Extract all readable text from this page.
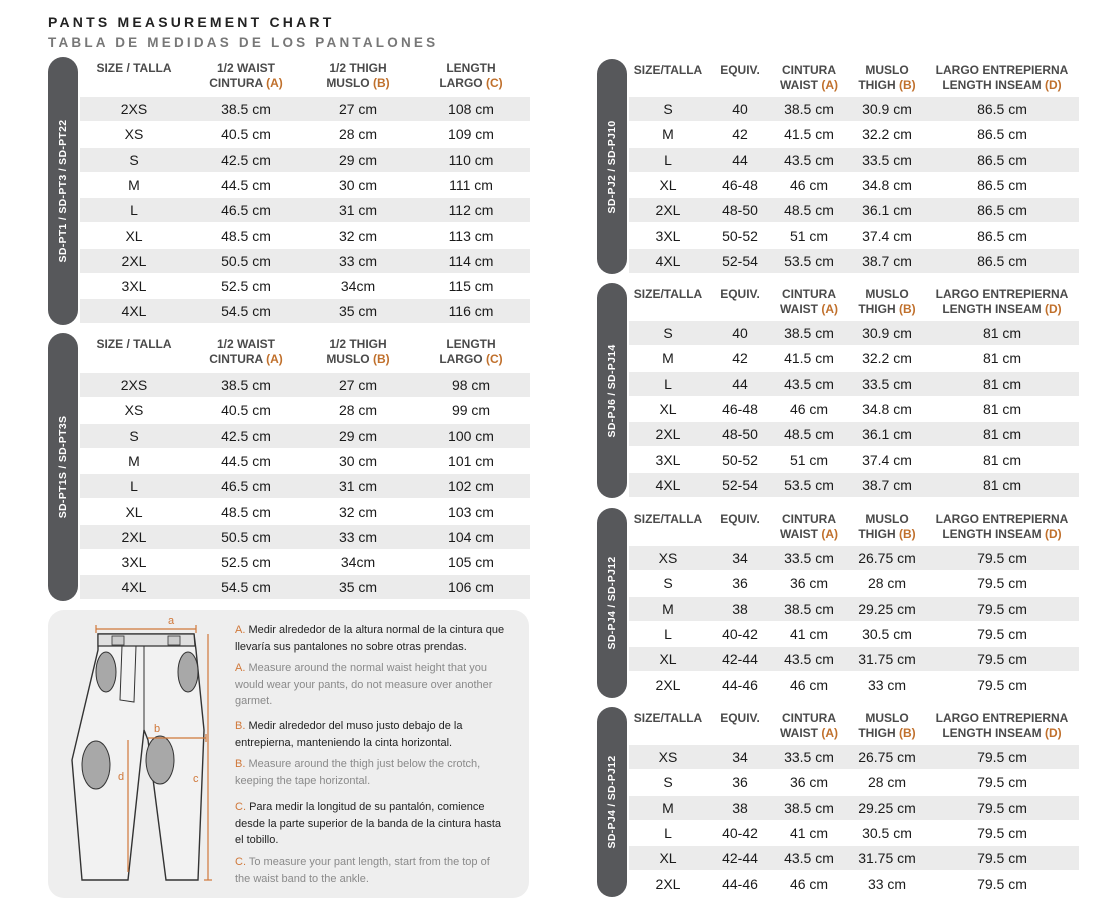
PANTS MEASUREMENT CHART
TABLA DE MEDIDAS DE LOS PANTALONES
SD-PT1 / SD-PT3 / SD-PT22
SIZE / TALLA	1/2 WAIST
CINTURA (A)
1/2 THIGH
MUSLO (B)
LENGTH
LARGO (C)
2XS	38.5 cm	27 cm	108 cm
XS	40.5 cm	28 cm	109 cm
S	42.5 cm	29 cm	110 cm
M	44.5 cm	30 cm	111 cm
L	46.5 cm	31 cm	112 cm
XL	48.5 cm	32 cm	113 cm
2XL	50.5 cm	33 cm	114 cm
3XL	52.5 cm	34cm	115 cm
4XL	54.5 cm	35 cm	116 cm
SD-PT1S / SD-PT3S
SIZE / TALLA	1/2 WAIST
CINTURA (A)
1/2 THIGH
MUSLO (B)
LENGTH
LARGO (C)
2XS	38.5 cm	27 cm	98 cm
XS	40.5 cm	28 cm	99 cm
S	42.5 cm	29 cm	100 cm
M	44.5 cm	30 cm	101 cm
L	46.5 cm	31 cm	102 cm
XL	48.5 cm	32 cm	103 cm
2XL	50.5 cm	33 cm	104 cm
3XL	52.5 cm	34cm	105 cm
4XL	54.5 cm	35 cm	106 cm
SD-PJ2 / SD-PJ10
SIZE/TALLA	EQUIV.	CINTURA
WAIST (A)
MUSLO
THIGH (B)
LARGO ENTREPIERNA
LENGTH INSEAM (D)
S	40	38.5 cm	30.9 cm	86.5 cm
M	42	41.5 cm	32.2 cm	86.5 cm
L	44	43.5 cm	33.5 cm	86.5 cm
XL	46-48	46 cm	34.8 cm	86.5 cm
2XL	48-50	48.5 cm	36.1 cm	86.5 cm
3XL	50-52	51 cm	37.4 cm	86.5 cm
4XL	52-54	53.5 cm	38.7 cm	86.5 cm
SD-PJ6 / SD-PJ14
SIZE/TALLA	EQUIV.	CINTURA
WAIST (A)
MUSLO
THIGH (B)
LARGO ENTREPIERNA
LENGTH INSEAM (D)
S	40	38.5 cm	30.9 cm	81 cm
M	42	41.5 cm	32.2 cm	81 cm
L	44	43.5 cm	33.5 cm	81 cm
XL	46-48	46 cm	34.8 cm	81 cm
2XL	48-50	48.5 cm	36.1 cm	81 cm
3XL	50-52	51 cm	37.4 cm	81 cm
4XL	52-54	53.5 cm	38.7 cm	81 cm
SD-PJ4 / SD-PJ12
SIZE/TALLA	EQUIV.	CINTURA
WAIST (A)
MUSLO
THIGH (B)
LARGO ENTREPIERNA
LENGTH INSEAM (D)
XS	34	33.5 cm	26.75 cm	79.5 cm
S	36	36 cm	28 cm	79.5 cm
M	38	38.5 cm	29.25 cm	79.5 cm
L	40-42	41 cm	30.5 cm	79.5 cm
XL	42-44	43.5 cm	31.75 cm	79.5 cm
2XL	44-46	46 cm	33 cm	79.5 cm
SD-PJ4 / SD-PJ12
SIZE/TALLA	EQUIV.	CINTURA
WAIST (A)
MUSLO
THIGH (B)
LARGO ENTREPIERNA
LENGTH INSEAM (D)
XS	34	33.5 cm	26.75 cm	79.5 cm
S	36	36 cm	28 cm	79.5 cm
M	38	38.5 cm	29.25 cm	79.5 cm
L	40-42	41 cm	30.5 cm	79.5 cm
XL	42-44	43.5 cm	31.75 cm	79.5 cm
2XL	44-46	46 cm	33 cm	79.5 cm
a
b
d	c
A. Medir alrededor de la altura normal de la cintura que llevaría sus pantalones no sobre otras prendas.
A. Measure around the normal waist height that you would wear your pants, do not measure over another garmet.
B. Medir alrededor del muso justo debajo de la entrepierna, manteniendo la cinta horizontal.
B. Measure around the thigh just below the crotch, keeping the tape horizontal.
C. Para medir la longitud de su pantalón, comience desde la parte superior de la banda de la cintura hasta el tobillo.
C. To measure your pant length, start from the top of the waist band to the ankle.
